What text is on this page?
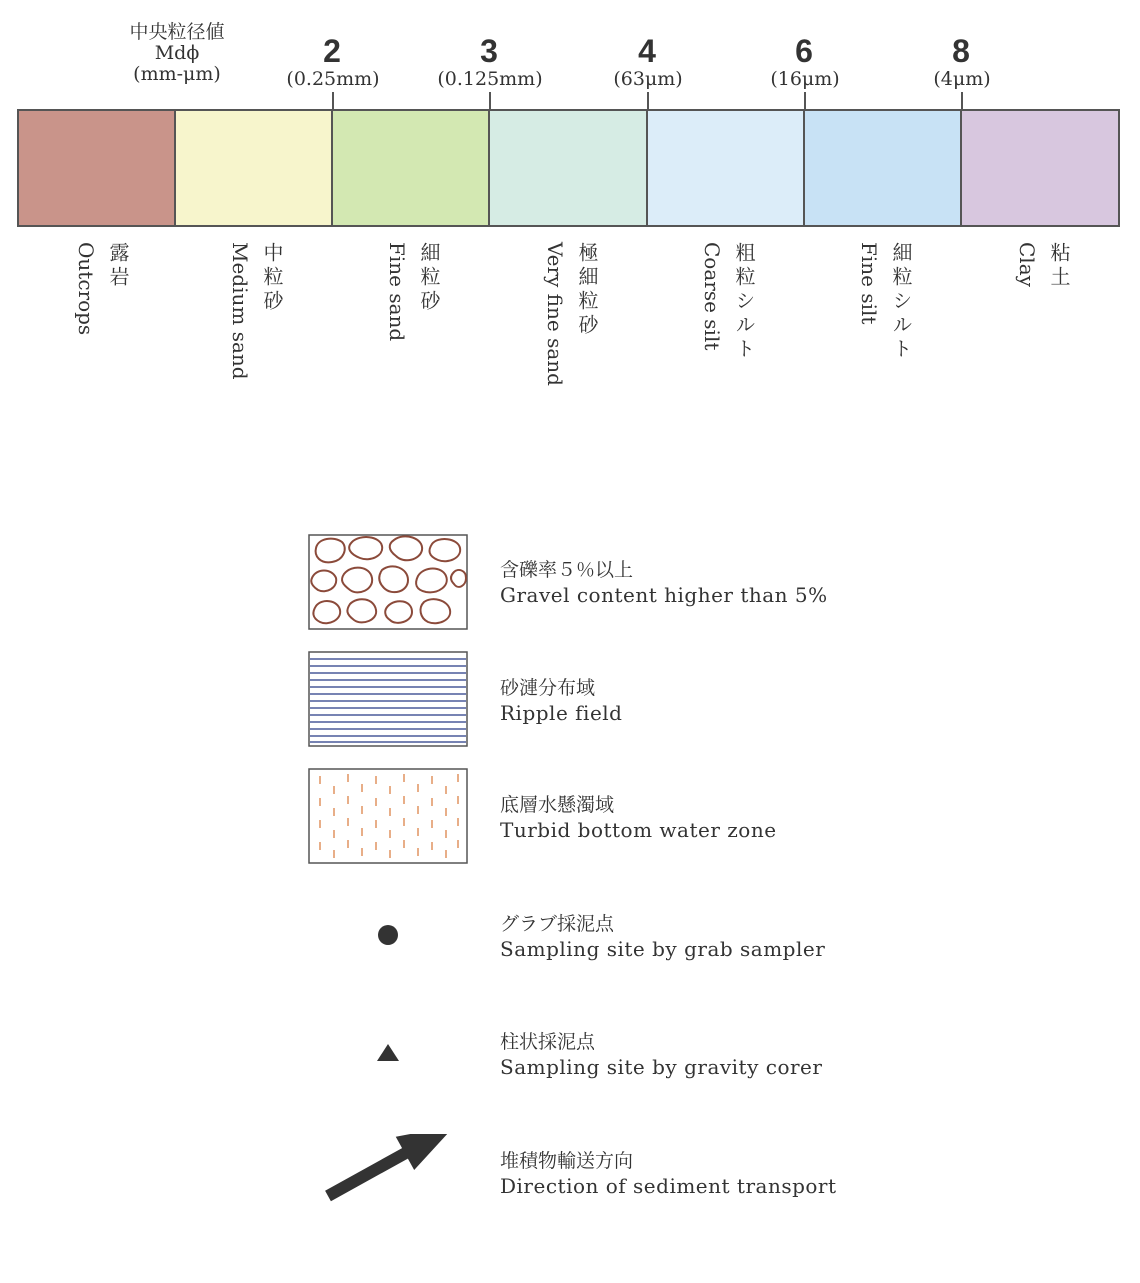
中央粒径値
Mdϕ
(mm-μm)
2
(0.25mm)
3
(0.125mm)
4
(63μm)
6
(16μm)
8
(4μm)
露岩
Outcrops	中粒砂
Medium sand	細粒砂
Fine sand	極細粒砂
Very fine sand	粗粒シルト
Coarse silt	細粒シルト
Fine silt	粘土
Clay
含礫率５％以上
Gravel content higher than 5%
砂漣分布域
Ripple field
底層水懸濁域
Turbid bottom water zone
グラブ採泥点
Sampling site by grab sampler
柱状採泥点
Sampling site by gravity corer
堆積物輸送方向
Direction of sediment transport
